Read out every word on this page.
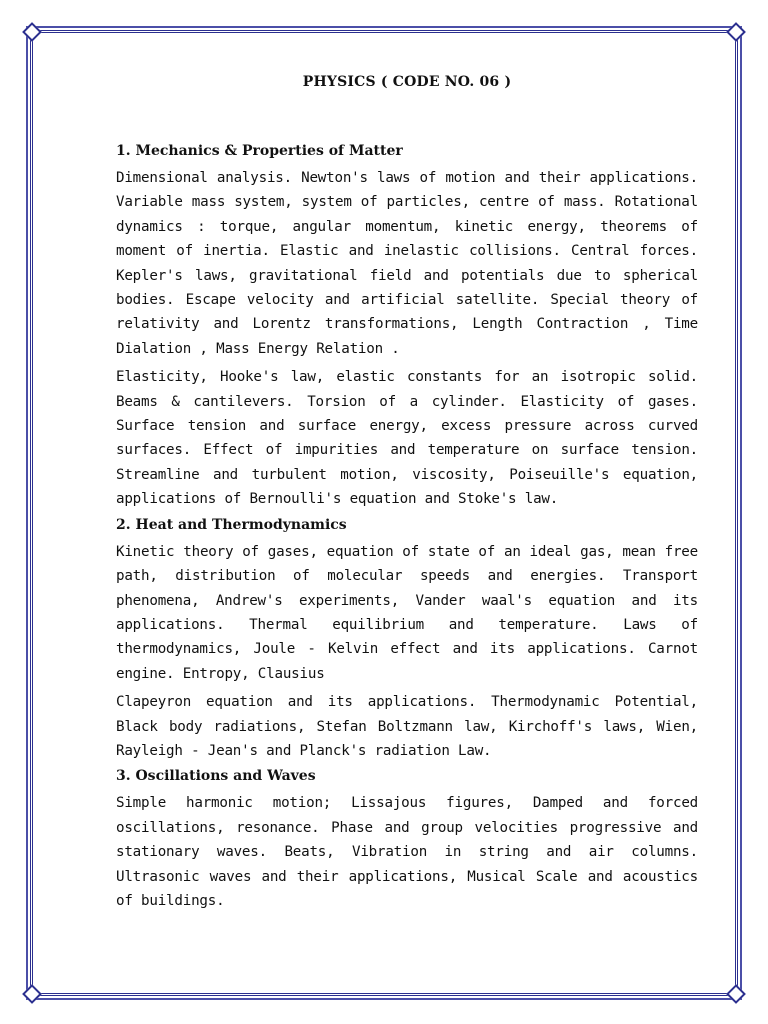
PHYSICS ( CODE NO. 06 )
1. Mechanics & Properties of Matter

Dimensional analysis. Newton's laws of motion and their applications. Variable mass system, system of particles, centre of mass. Rotational dynamics : torque, angular momentum, kinetic energy, theorems of moment of inertia. Elastic and inelastic collisions. Central forces. Kepler's laws, gravitational field and potentials due to spherical bodies. Escape velocity and artificial satellite. Special theory of relativity and Lorentz transformations, Length Contraction , Time Dialation , Mass Energy Relation .

Elasticity, Hooke's law, elastic constants for an isotropic solid. Beams & cantilevers. Torsion of a cylinder. Elasticity of gases. Surface tension and surface energy, excess pressure across curved surfaces. Effect of impurities and temperature on surface tension. Streamline and turbulent motion, viscosity, Poiseuille's equation, applications of Bernoulli's equation and Stoke's law.

2. Heat and Thermodynamics

Kinetic theory of gases, equation of state of an ideal gas, mean free path, distribution of molecular speeds and energies. Transport phenomena, Andrew's experiments, Vander waal's equation and its applications. Thermal equilibrium and temperature. Laws of thermodynamics, Joule - Kelvin effect and its applications. Carnot engine. Entropy, Clausius

Clapeyron equation and its applications. Thermodynamic Potential, Black body radiations, Stefan Boltzmann law, Kirchoff's laws, Wien, Rayleigh - Jean's and Planck's radiation Law.

3. Oscillations and Waves

Simple harmonic motion; Lissajous figures, Damped and forced oscillations, resonance. Phase and group velocities progressive and stationary waves. Beats, Vibration in string and air columns. Ultrasonic waves and their applications, Musical Scale and acoustics of buildings.
